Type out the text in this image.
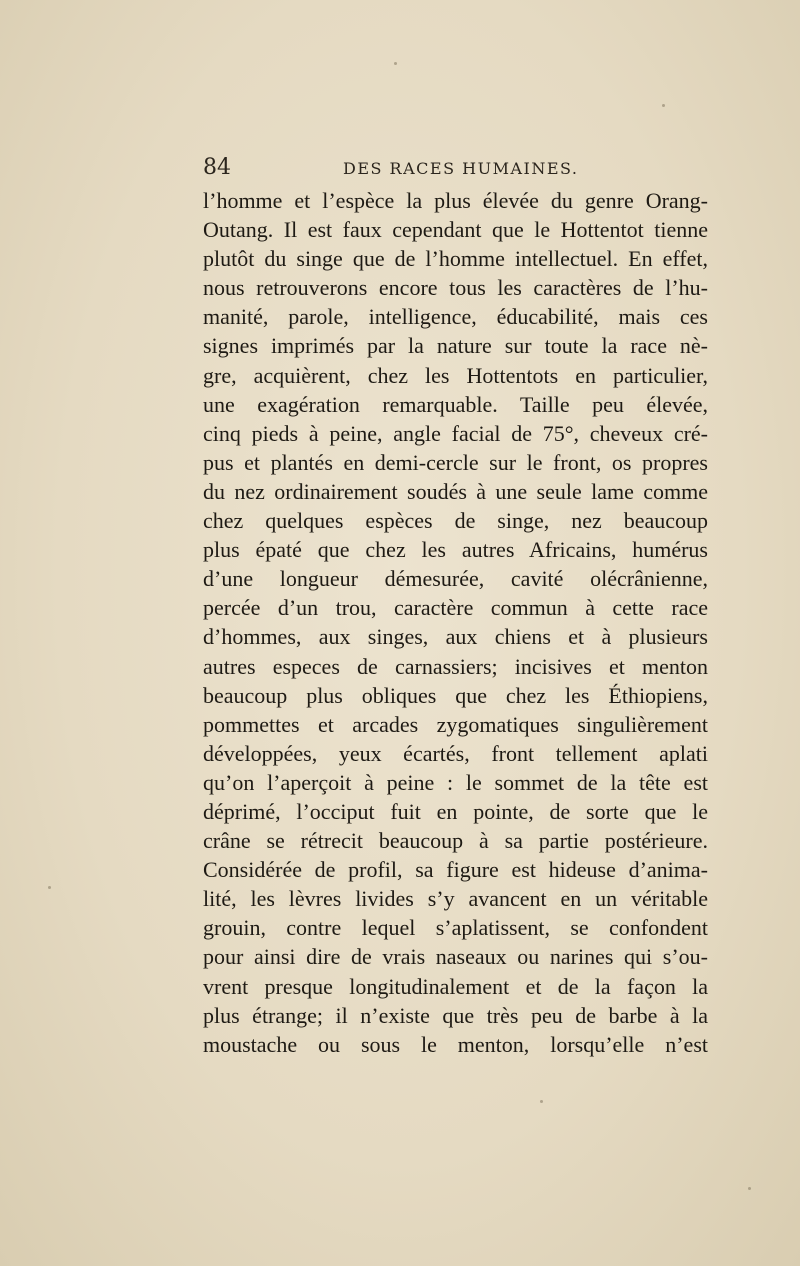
84	DES RACES HUMAINES.
l’homme et l’espèce la plus élevée du genre Orang-
Outang. Il est faux cependant que le Hottentot tienne
plutôt du singe que de l’homme intellectuel. En effet,
nous retrouverons encore tous les caractères de l’hu-
manité, parole, intelligence, éducabilité, mais ces
signes imprimés par la nature sur toute la race nè-
gre, acquièrent, chez les Hottentots en particulier,
une exagération remarquable. Taille peu élevée,
cinq pieds à peine, angle facial de 75°, cheveux cré-
pus et plantés en demi-cercle sur le front, os propres
du nez ordinairement soudés à une seule lame comme
chez quelques espèces de singe, nez beaucoup
plus épaté que chez les autres Africains, humérus
d’une longueur démesurée, cavité olécrânienne,
percée d’un trou, caractère commun à cette race
d’hommes, aux singes, aux chiens et à plusieurs
autres especes de carnassiers; incisives et menton
beaucoup plus obliques que chez les Éthiopiens,
pommettes et arcades zygomatiques singulièrement
développées, yeux écartés, front tellement aplati
qu’on l’aperçoit à peine : le sommet de la tête est
déprimé, l’occiput fuit en pointe, de sorte que le
crâne se rétrecit beaucoup à sa partie postérieure.
Considérée de profil, sa figure est hideuse d’anima-
lité, les lèvres livides s’y avancent en un véritable
grouin, contre lequel s’aplatissent, se confondent
pour ainsi dire de vrais naseaux ou narines qui s’ou-
vrent presque longitudinalement et de la façon la
plus étrange; il n’existe que très peu de barbe à la
moustache ou sous le menton, lorsqu’elle n’est
